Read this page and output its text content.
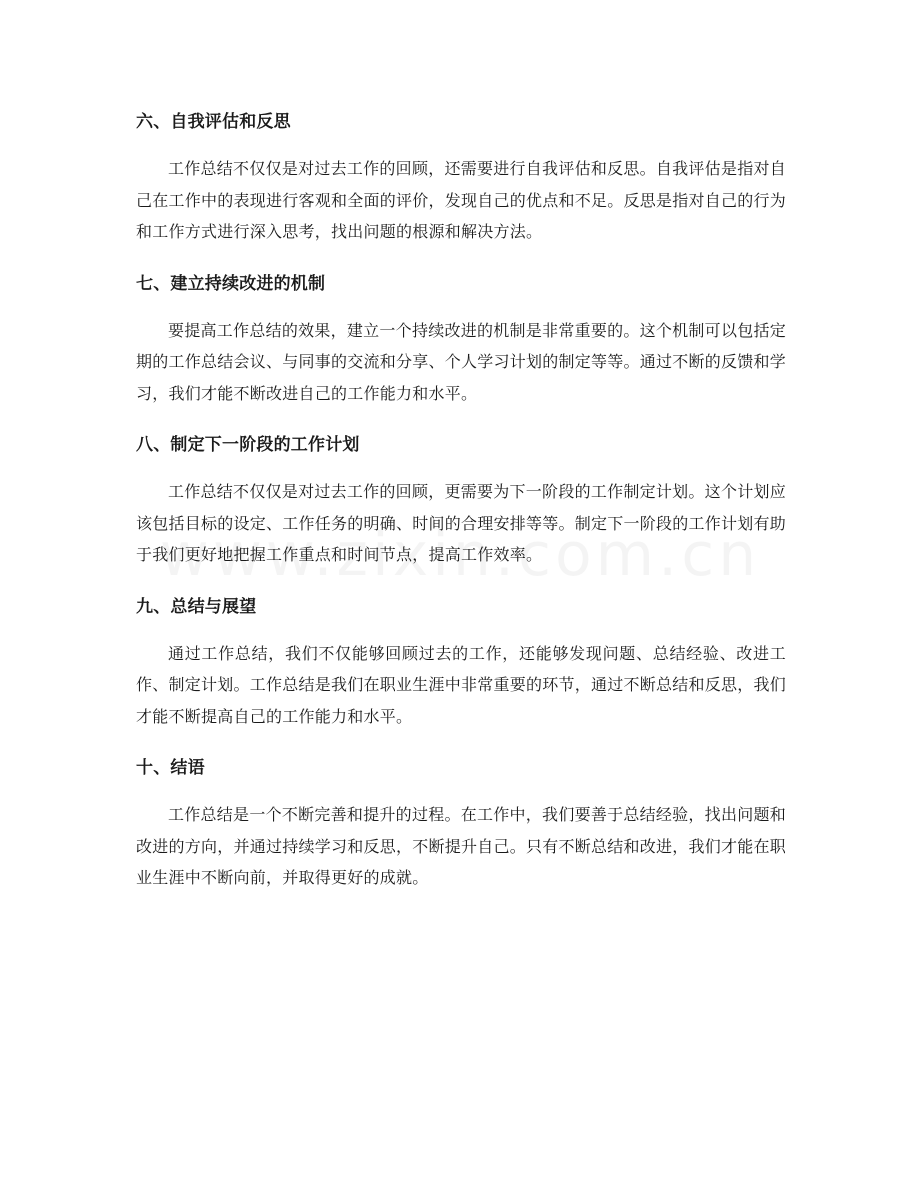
六、自我评估和反思

工作总结不仅仅是对过去工作的回顾，还需要进行自我评估和反思。自我评估是指对自己在工作中的表现进行客观和全面的评价，发现自己的优点和不足。反思是指对自己的行为和工作方式进行深入思考，找出问题的根源和解决方法。

七、建立持续改进的机制

要提高工作总结的效果，建立一个持续改进的机制是非常重要的。这个机制可以包括定期的工作总结会议、与同事的交流和分享、个人学习计划的制定等等。通过不断的反馈和学习，我们才能不断改进自己的工作能力和水平。

八、制定下一阶段的工作计划

工作总结不仅仅是对过去工作的回顾，更需要为下一阶段的工作制定计划。这个计划应该包括目标的设定、工作任务的明确、时间的合理安排等等。制定下一阶段的工作计划有助于我们更好地把握工作重点和时间节点，提高工作效率。

九、总结与展望

通过工作总结，我们不仅能够回顾过去的工作，还能够发现问题、总结经验、改进工作、制定计划。工作总结是我们在职业生涯中非常重要的环节，通过不断总结和反思，我们才能不断提高自己的工作能力和水平。

十、结语

工作总结是一个不断完善和提升的过程。在工作中，我们要善于总结经验，找出问题和改进的方向，并通过持续学习和反思，不断提升自己。只有不断总结和改进，我们才能在职业生涯中不断向前，并取得更好的成就。
